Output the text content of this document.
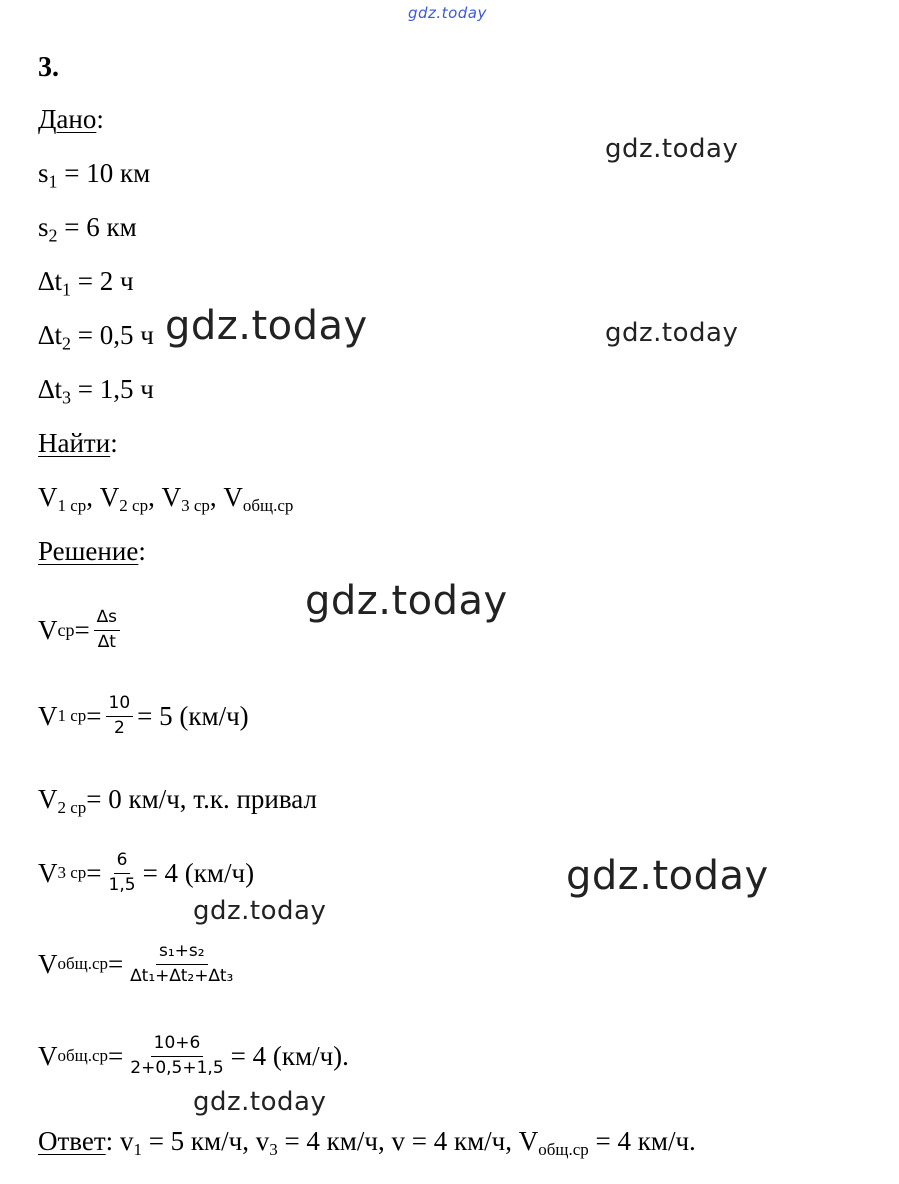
gdz.today
gdz.today
gdz.today	gdz.today
gdz.today
gdz.today
gdz.today
gdz.today
3.
Дано:
$s_1 = 10$ км
$s_2 = 6$ км
$\Delta t_1 = 2$ ч
$\Delta t_2 = 0,5$ ч
$\Delta t_3 = 1,5$ ч
Найти:
$V_{1 ср}$, $V_{2 ср}$, $V_{3 ср}$, $V_{общ.ср}$
Решение:
V ср = $\frac{\Delta s}{\Delta t}$
V 1 ср = $\frac{10}{2} = 5$ (км/ч)
$V_{2 ср}= 0$ км/ч, т.к. привал
V 3 ср = $\frac{6}{1,5} = 4$ (км/ч)
V $общ.ср = \frac{\text{s₁+s₂}}{\text{∆t₁+∆t₂+∆t₃}}$
V $общ.ср = \frac{10+6}{2+0,5+1,5} = 4$ (км/ч).
Ответ: $v_1 = 5$ км/ч, $v_3 = 4$ км/ч, v = 4 км/ч, $V_{общ.ср} = 4$ км/ч.
